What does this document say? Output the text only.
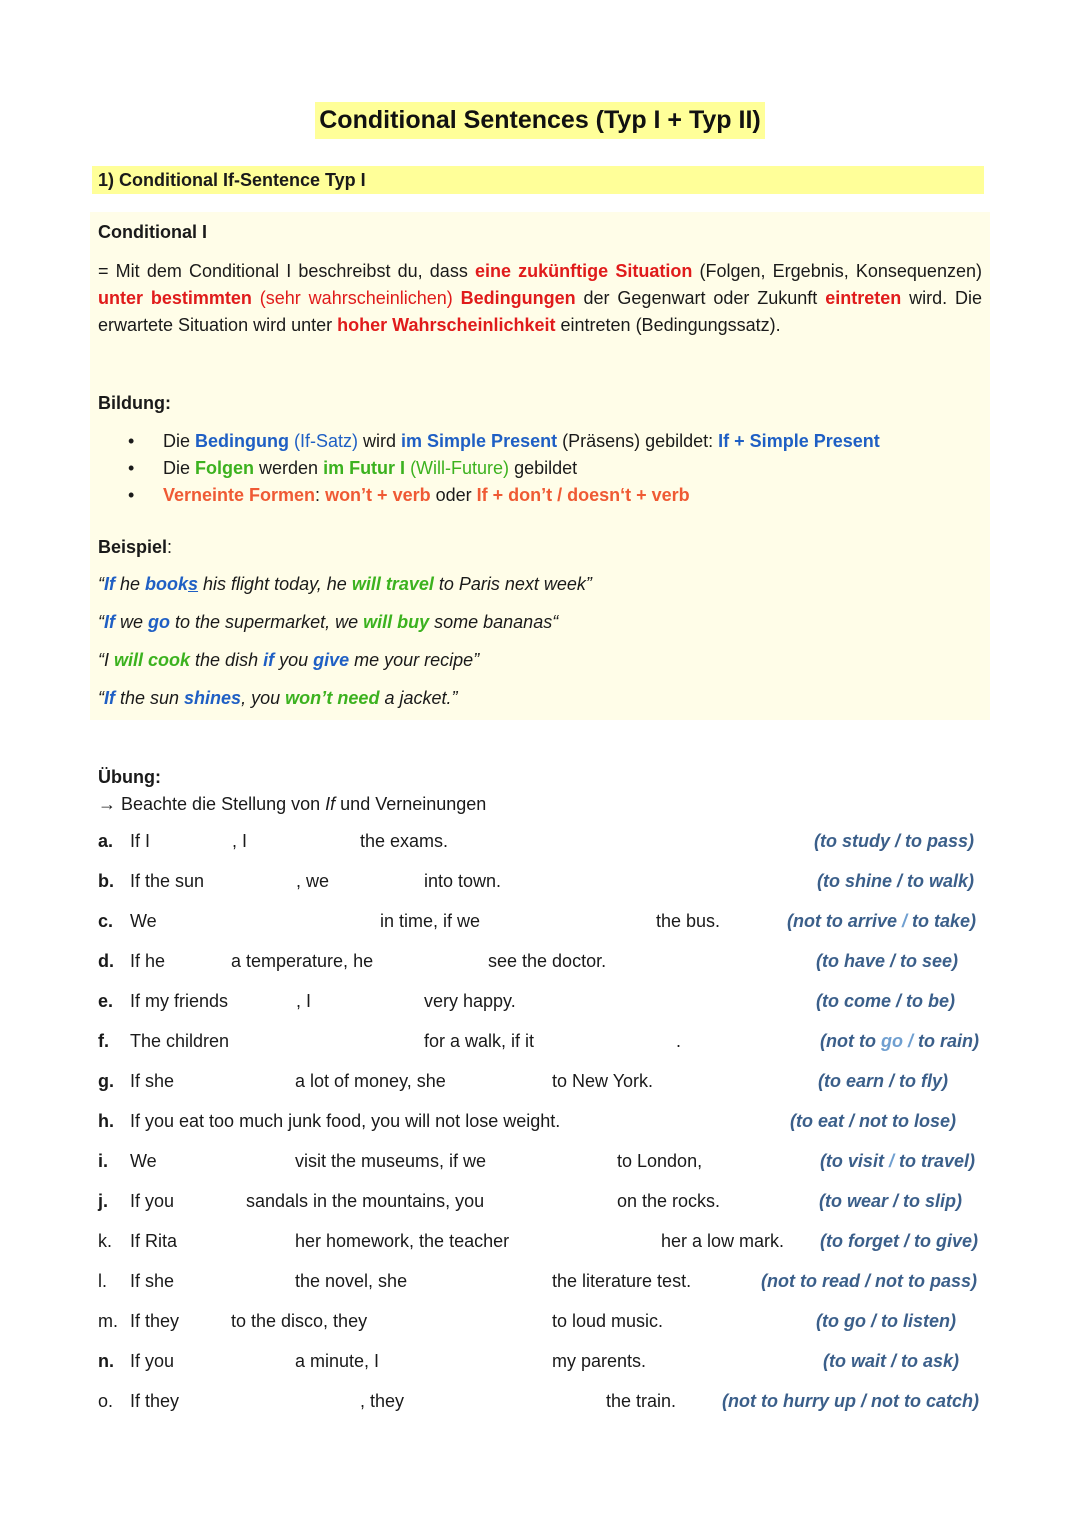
Conditional Sentences (Typ I + Typ II)
1) Conditional If-Sentence Typ I
Conditional I
= Mit dem Conditional I beschreibst du, dass eine zukünftige Situation (Folgen, Ergebnis, Konsequenzen) unter bestimmten (sehr wahrscheinlichen) Bedingungen der Gegenwart oder Zukunft eintreten wird. Die erwartete Situation wird unter hoher Wahrscheinlichkeit eintreten (Bedingungssatz).
Bildung:
• Die Bedingung (If-Satz) wird im Simple Present (Präsens) gebildet: If + Simple Present
• Die Folgen werden im Futur I (Will-Future) gebildet
• Verneinte Formen: won’t + verb oder If + don’t / doesn‘t + verb
Beispiel:
“If he books his flight today, he will travel to Paris next week”
“If we go to the supermarket, we will buy some bananas“
“I will cook the dish if you give me your recipe”
“If the sun shines, you won’t need a jacket.”
Übung:
→ Beachte die Stellung von If und Verneinungen
a. If I	, I	the exams.	(to study / to pass)
b. If the sun	, we	into town.	(to shine / to walk)
c. We	in time, if we	the bus.	(not to arrive / to take)
d. If he	a temperature, he	see the doctor.	(to have / to see)
e. If my friends	, I	very happy.	(to come / to be)
f. The children	for a walk, if it	.	(not to go / to rain)
g. If she	a lot of money, she	to New York.	(to earn / to fly)
h. If you eat too much junk food, you will not lose weight.	(to eat / not to lose)
i. We	visit the museums, if we	to London,	(to visit / to travel)
j. If you	sandals in the mountains, you	on the rocks.	(to wear / to slip)
k. If Rita	her homework, the teacher	her a low mark. (to forget / to give)
l. If she	the novel, she	the literature test.	(not to read / not to pass)
m. If they	to the disco, they	to loud music.	(to go / to listen)
n. If you	a minute, I	my parents.	(to wait / to ask)
o. If they	, they	the train.	(not to hurry up / not to catch)
